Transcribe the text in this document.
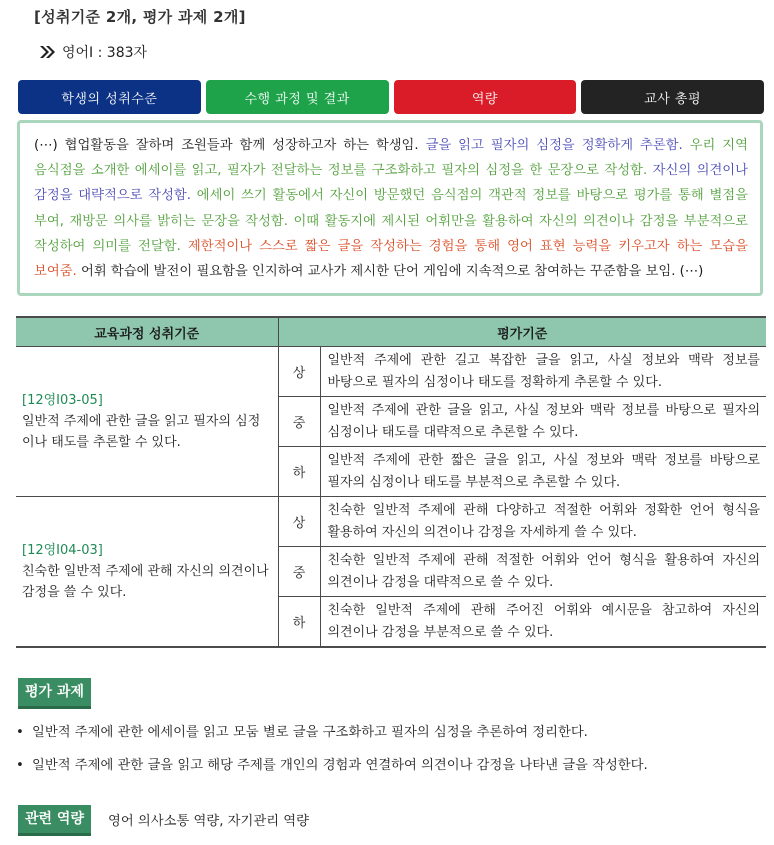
[성취기준 2개, 평가 과제 2개]
영어Ⅰ : 383자
학생의 성취수준	수행 과정 및 결과	역량	교사 총평
(⋯) 협업활동을 잘하며 조원들과 함께 성장하고자 하는 학생임. 글을 읽고 필자의 심정을 정확하게 추론함. 우리 지역 음식점을 소개한 에세이를 읽고, 필자가 전달하는 정보를 구조화하고 필자의 심정을 한 문장으로 작성함. 자신의 의견이나 감정을 대략적으로 작성함. 에세이 쓰기 활동에서 자신이 방문했던 음식점의 객관적 정보를 바탕으로 평가를 통해 별점을 부여, 재방문 의사를 밝히는 문장을 작성함. 이때 활동지에 제시된 어휘만을 활용하여 자신의 의견이나 감정을 부분적으로 작성하여 의미를 전달함. 제한적이나 스스로 짧은 글을 작성하는 경험을 통해 영어 표현 능력을 키우고자 하는 모습을 보여줌. 어휘 학습에 발전이 필요함을 인지하여 교사가 제시한 단어 게임에 지속적으로 참여하는 꾸준함을 보임. (⋯)
교육과정 성취기준	평가기준	

[12영Ⅰ03-05]
일반적 주제에 관한 글을 읽고 필자의 심정이나 태도를 추론할 수 있다.	상	일반적 주제에 관한 길고 복잡한 글을 읽고, 사실 정보와 맥락 정보를 바탕으로 필자의 심정이나 태도를 정확하게 추론할 수 있다.
	중	일반적 주제에 관한 글을 읽고, 사실 정보와 맥락 정보를 바탕으로 필자의 심정이나 태도를 대략적으로 추론할 수 있다.
	하	일반적 주제에 관한 짧은 글을 읽고, 사실 정보와 맥락 정보를 바탕으로 필자의 심정이나 태도를 부분적으로 추론할 수 있다.

[12영Ⅰ04-03]
친숙한 일반적 주제에 관해 자신의 의견이나 감정을 쓸 수 있다.	상	친숙한 일반적 주제에 관해 다양하고 적절한 어휘와 정확한 언어 형식을 활용하여 자신의 의견이나 감정을 자세하게 쓸 수 있다.
	중	친숙한 일반적 주제에 관해 적절한 어휘와 언어 형식을 활용하여 자신의 의견이나 감정을 대략적으로 쓸 수 있다.
	하	친숙한 일반적 주제에 관해 주어진 어휘와 예시문을 참고하여 자신의 의견이나 감정을 부분적으로 쓸 수 있다.
평가 과제
• 일반적 주제에 관한 에세이를 읽고 모둠 별로 글을 구조화하고 필자의 심정을 추론하여 정리한다.
• 일반적 주제에 관한 글을 읽고 해당 주제를 개인의 경험과 연결하여 의견이나 감정을 나타낸 글을 작성한다.
관련 역량	영어 의사소통 역량, 자기관리 역량
